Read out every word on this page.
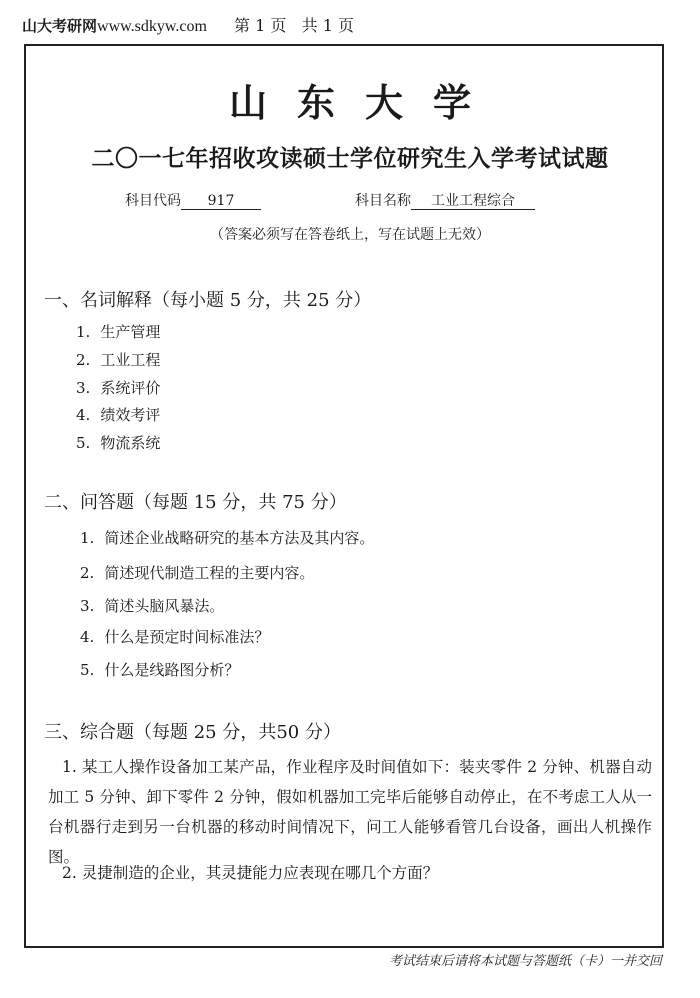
山大考研网www.sdkyw.com 第 1 页   共 1 页
山东大学
二〇一七年招收攻读硕士学位研究生入学考试试题
科目代码 917	科目名称 工业工程综合
（答案必须写在答卷纸上，写在试题上无效）
一、名词解释（每小题 5 分，共 25 分）
1. 生产管理
2. 工业工程
3. 系统评价
4. 绩效考评
5. 物流系统
二、问答题（每题 15 分，共 75 分）
1. 简述企业战略研究的基本方法及其内容。
2. 简述现代制造工程的主要内容。
3. 简述头脑风暴法。
4. 什么是预定时间标准法？
5. 什么是线路图分析？
三、综合题（每题 25 分，共50 分）
1. 某工人操作设备加工某产品，作业程序及时间值如下：装夹零件 2 分钟、机器自动加工 5 分钟、卸下零件 2 分钟，假如机器加工完毕后能够自动停止，在不考虑工人从一台机器行走到另一台机器的移动时间情况下，问工人能够看管几台设备，画出人机操作图。
2. 灵捷制造的企业，其灵捷能力应表现在哪几个方面？
考试结束后请将本试题与答题纸（卡）一并交回
